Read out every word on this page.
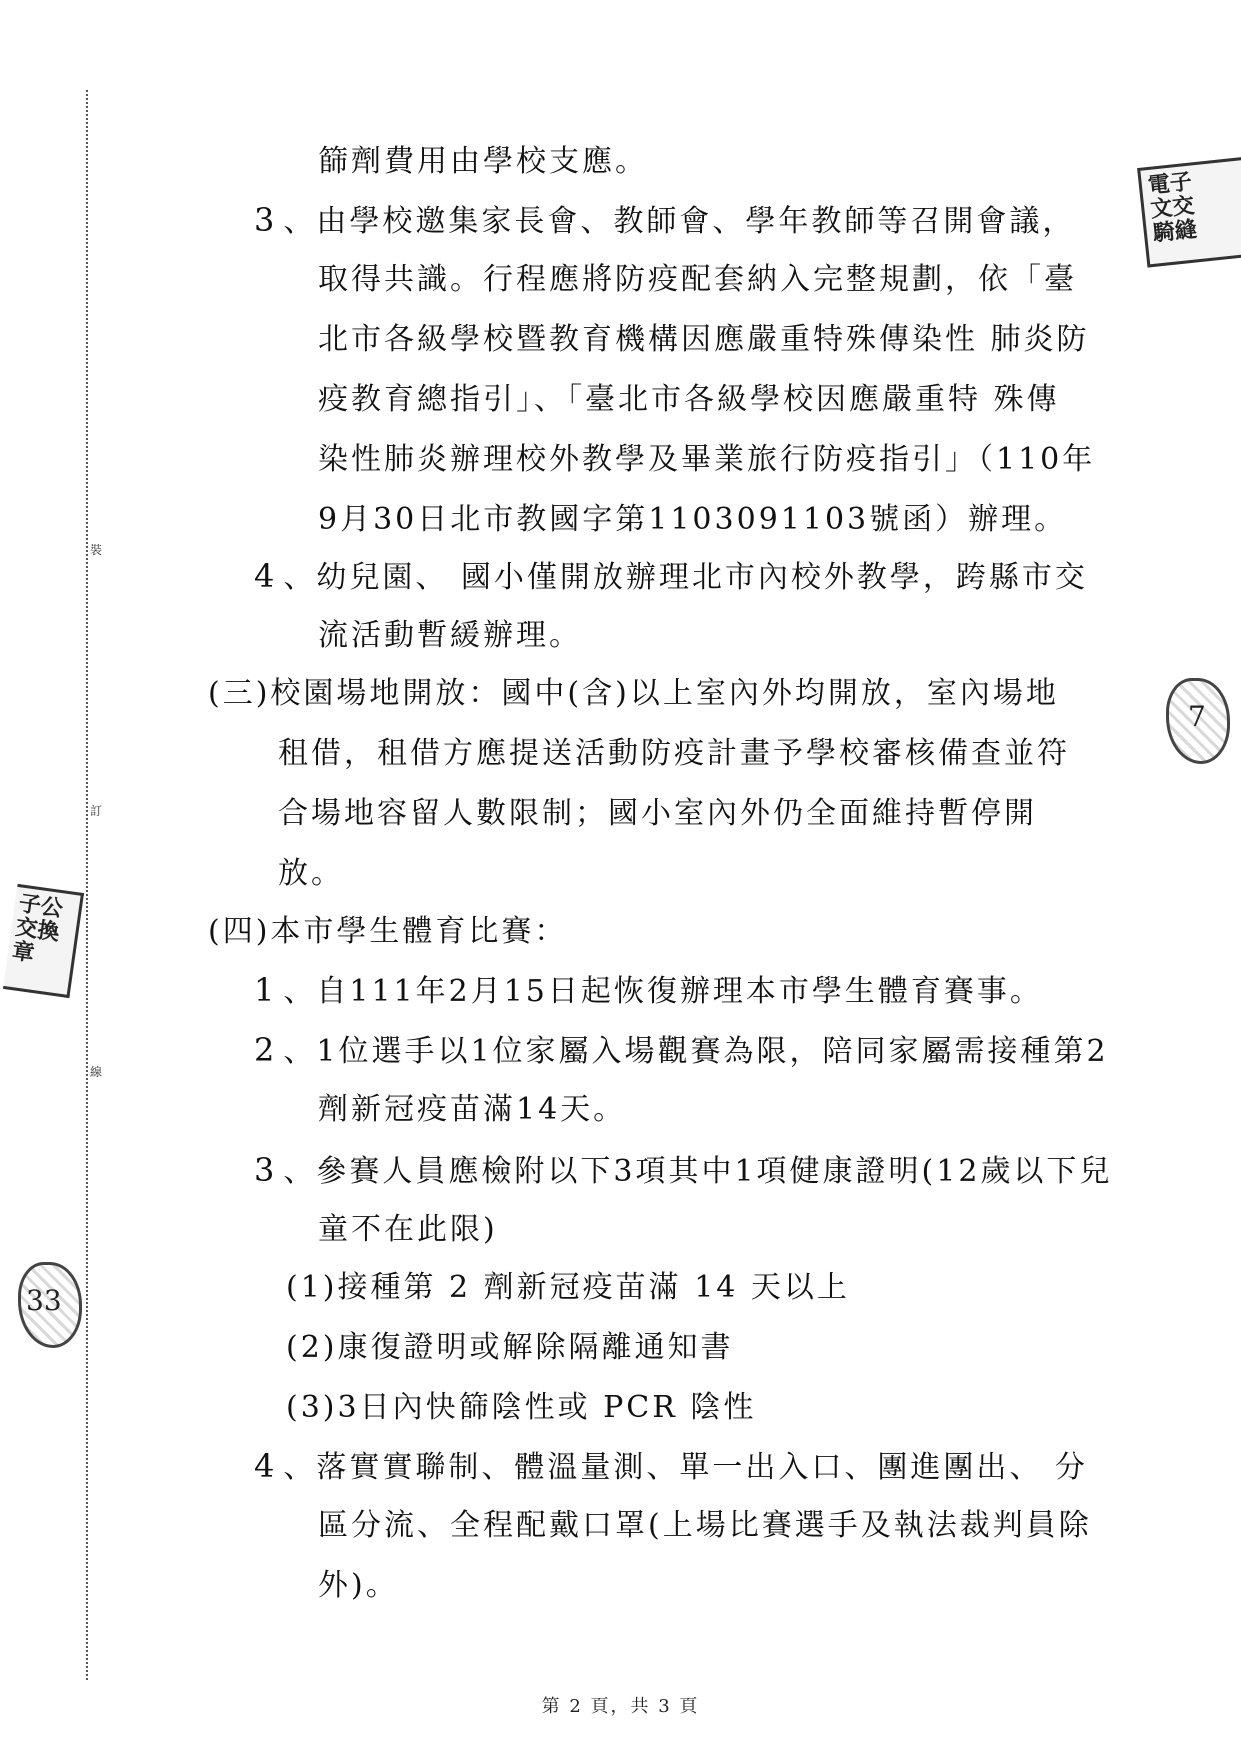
裝
訂
線
電子
文交
騎縫
子公
交換
章
7
33
篩劑費用由學校支應。
3 、由學校邀集家長會、教師會、學年教師等召開會議，
取得共識。行程應將防疫配套納入完整規劃，依「臺
北市各級學校暨教育機構因應嚴重特殊傳染性 肺炎防
疫教育總指引」、「臺北市各級學校因應嚴重特 殊傳
染性肺炎辦理校外教學及畢業旅行防疫指引」（110年
9月30日北市教國字第1103091103號函）辦理。
4 、幼兒園、 國小僅開放辦理北市內校外教學，跨縣市交
流活動暫緩辦理。
(三)校園場地開放：國中(含)以上室內外均開放，室內場地
租借，租借方應提送活動防疫計畫予學校審核備查並符
合場地容留人數限制；國小室內外仍全面維持暫停開
放。
(四)本市學生體育比賽：
1 、自111年2月15日起恢復辦理本市學生體育賽事。
2 、1位選手以1位家屬入場觀賽為限，陪同家屬需接種第2
劑新冠疫苗滿14天。
3 、參賽人員應檢附以下3項其中1項健康證明(12歲以下兒
童不在此限)
(1)接種第 2 劑新冠疫苗滿 14 天以上
(2)康復證明或解除隔離通知書
(3)3日內快篩陰性或 PCR 陰性
4 、落實實聯制、體溫量測、單一出入口、團進團出、 分
區分流、全程配戴口罩(上場比賽選手及執法裁判員除
外)。
第 2 頁，共 3 頁
